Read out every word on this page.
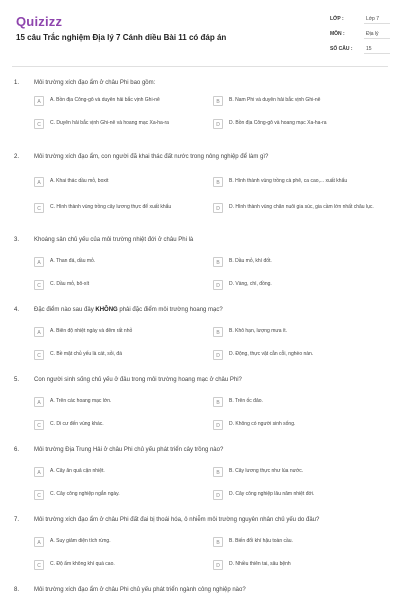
Quizizz
15 câu Trắc nghiệm Địa lý 7 Cánh diều Bài 11 có đáp án
LỚP :	Lớp 7
MÔN :	Địa lý
SỐ CÂU :	15
1. Môi trường xích đạo ẩm ở châu Phi bao gồm:
A	A. Bồn địa Công-gô và duyên hải bắc vịnh Ghi-nê	B	B. Nam Phi và duyên hải bắc vịnh Ghi-nê
C	C. Duyên hải bắc vịnh Ghi-nê và hoang mạc Xa-ha-ra	D	D. Bồn địa Công-gô và hoang mạc Xa-ha-ra
2. Môi trường xích đạo ẩm, con người đã khai thác đất nước trong nông nghiệp để làm gì?
A	A. Khai thác dầu mỏ, boxit	B	B. Hình thành vùng trồng cà phê, ca cao,... xuất khẩu
C	C. Hình thành vùng trồng cây lương thực để xuất khẩu	D	D. Hình thành vùng chăn nuôi gia súc, gia cầm lớn nhất châu lục.
3. Khoáng sản chủ yếu của môi trường nhiệt đới ở châu Phi là
A	A. Than đá, dầu mỏ.	B	B. Dầu mỏ, khí đốt.
C	C. Dầu mỏ, bô-xít	D	D. Vàng, chì, đồng.
4. Đặc điểm nào sau đây KHÔNG phải đặc điểm môi trường hoang mạc?
A	A. Biên độ nhiệt ngày và đêm rất nhỏ	B	B. Khô hạn, lượng mưa ít.
C	C. Bề mặt chủ yếu là cát, sỏi, đá	D	D. Động, thực vật cằn cỗi, nghèo nàn.
5. Con người sinh sống chủ yếu ở đâu trong môi trường hoang mạc ở châu Phi?
A	A. Trên các hoang mạc lớn.	B	B. Trên ốc đảo.
C	C. Di cư đến vùng khác.	D	D. Không có người sinh sống.
6. Môi trường Địa Trung Hải ở châu Phi chủ yếu phát triển cây trồng nào?
A	A. Cây ăn quả cận nhiệt.	B	B. Cây lương thực như lúa nước.
C	C. Cây công nghiệp ngắn ngày.	D	D. Cây công nghiệp lâu năm nhiệt đới.
7. Môi trường xích đạo ẩm ở châu Phi đất đai bị thoái hóa, ô nhiễm môi trường nguyên nhân chủ yếu do đâu?
A	A. Suy giảm diện tích rừng.	B	B. Biến đổi khí hậu toàn cầu.
C	C. Độ ẩm không khí quá cao.	D	D. Nhiều thiên tai, sâu bệnh
8. Môi trường xích đạo ẩm ở châu Phi chủ yếu phát triển ngành công nghiệp nào?
